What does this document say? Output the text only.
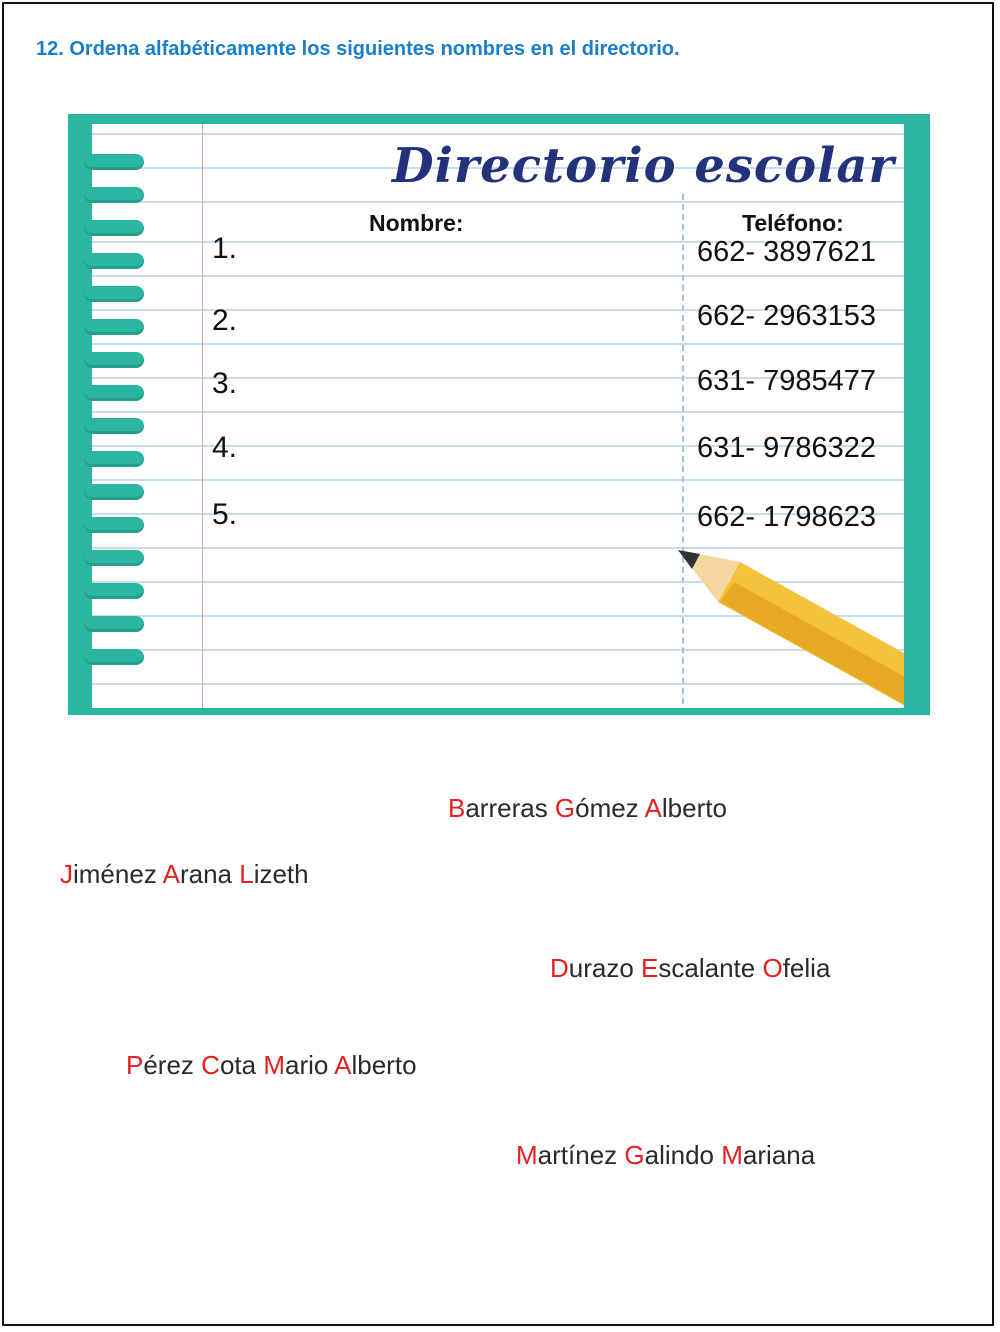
12. Ordena alfabéticamente los siguientes nombres en el directorio.
Directorio escolar
Nombre:	Teléfono:
1.	662- 3897621
2.	662- 2963153
3.	631- 7985477
4.	631- 9786322
5.	662- 1798623
Barreras Gómez Alberto
Jiménez Arana Lizeth
Durazo Escalante Ofelia
Pérez Cota Mario Alberto
Martínez Galindo Mariana
